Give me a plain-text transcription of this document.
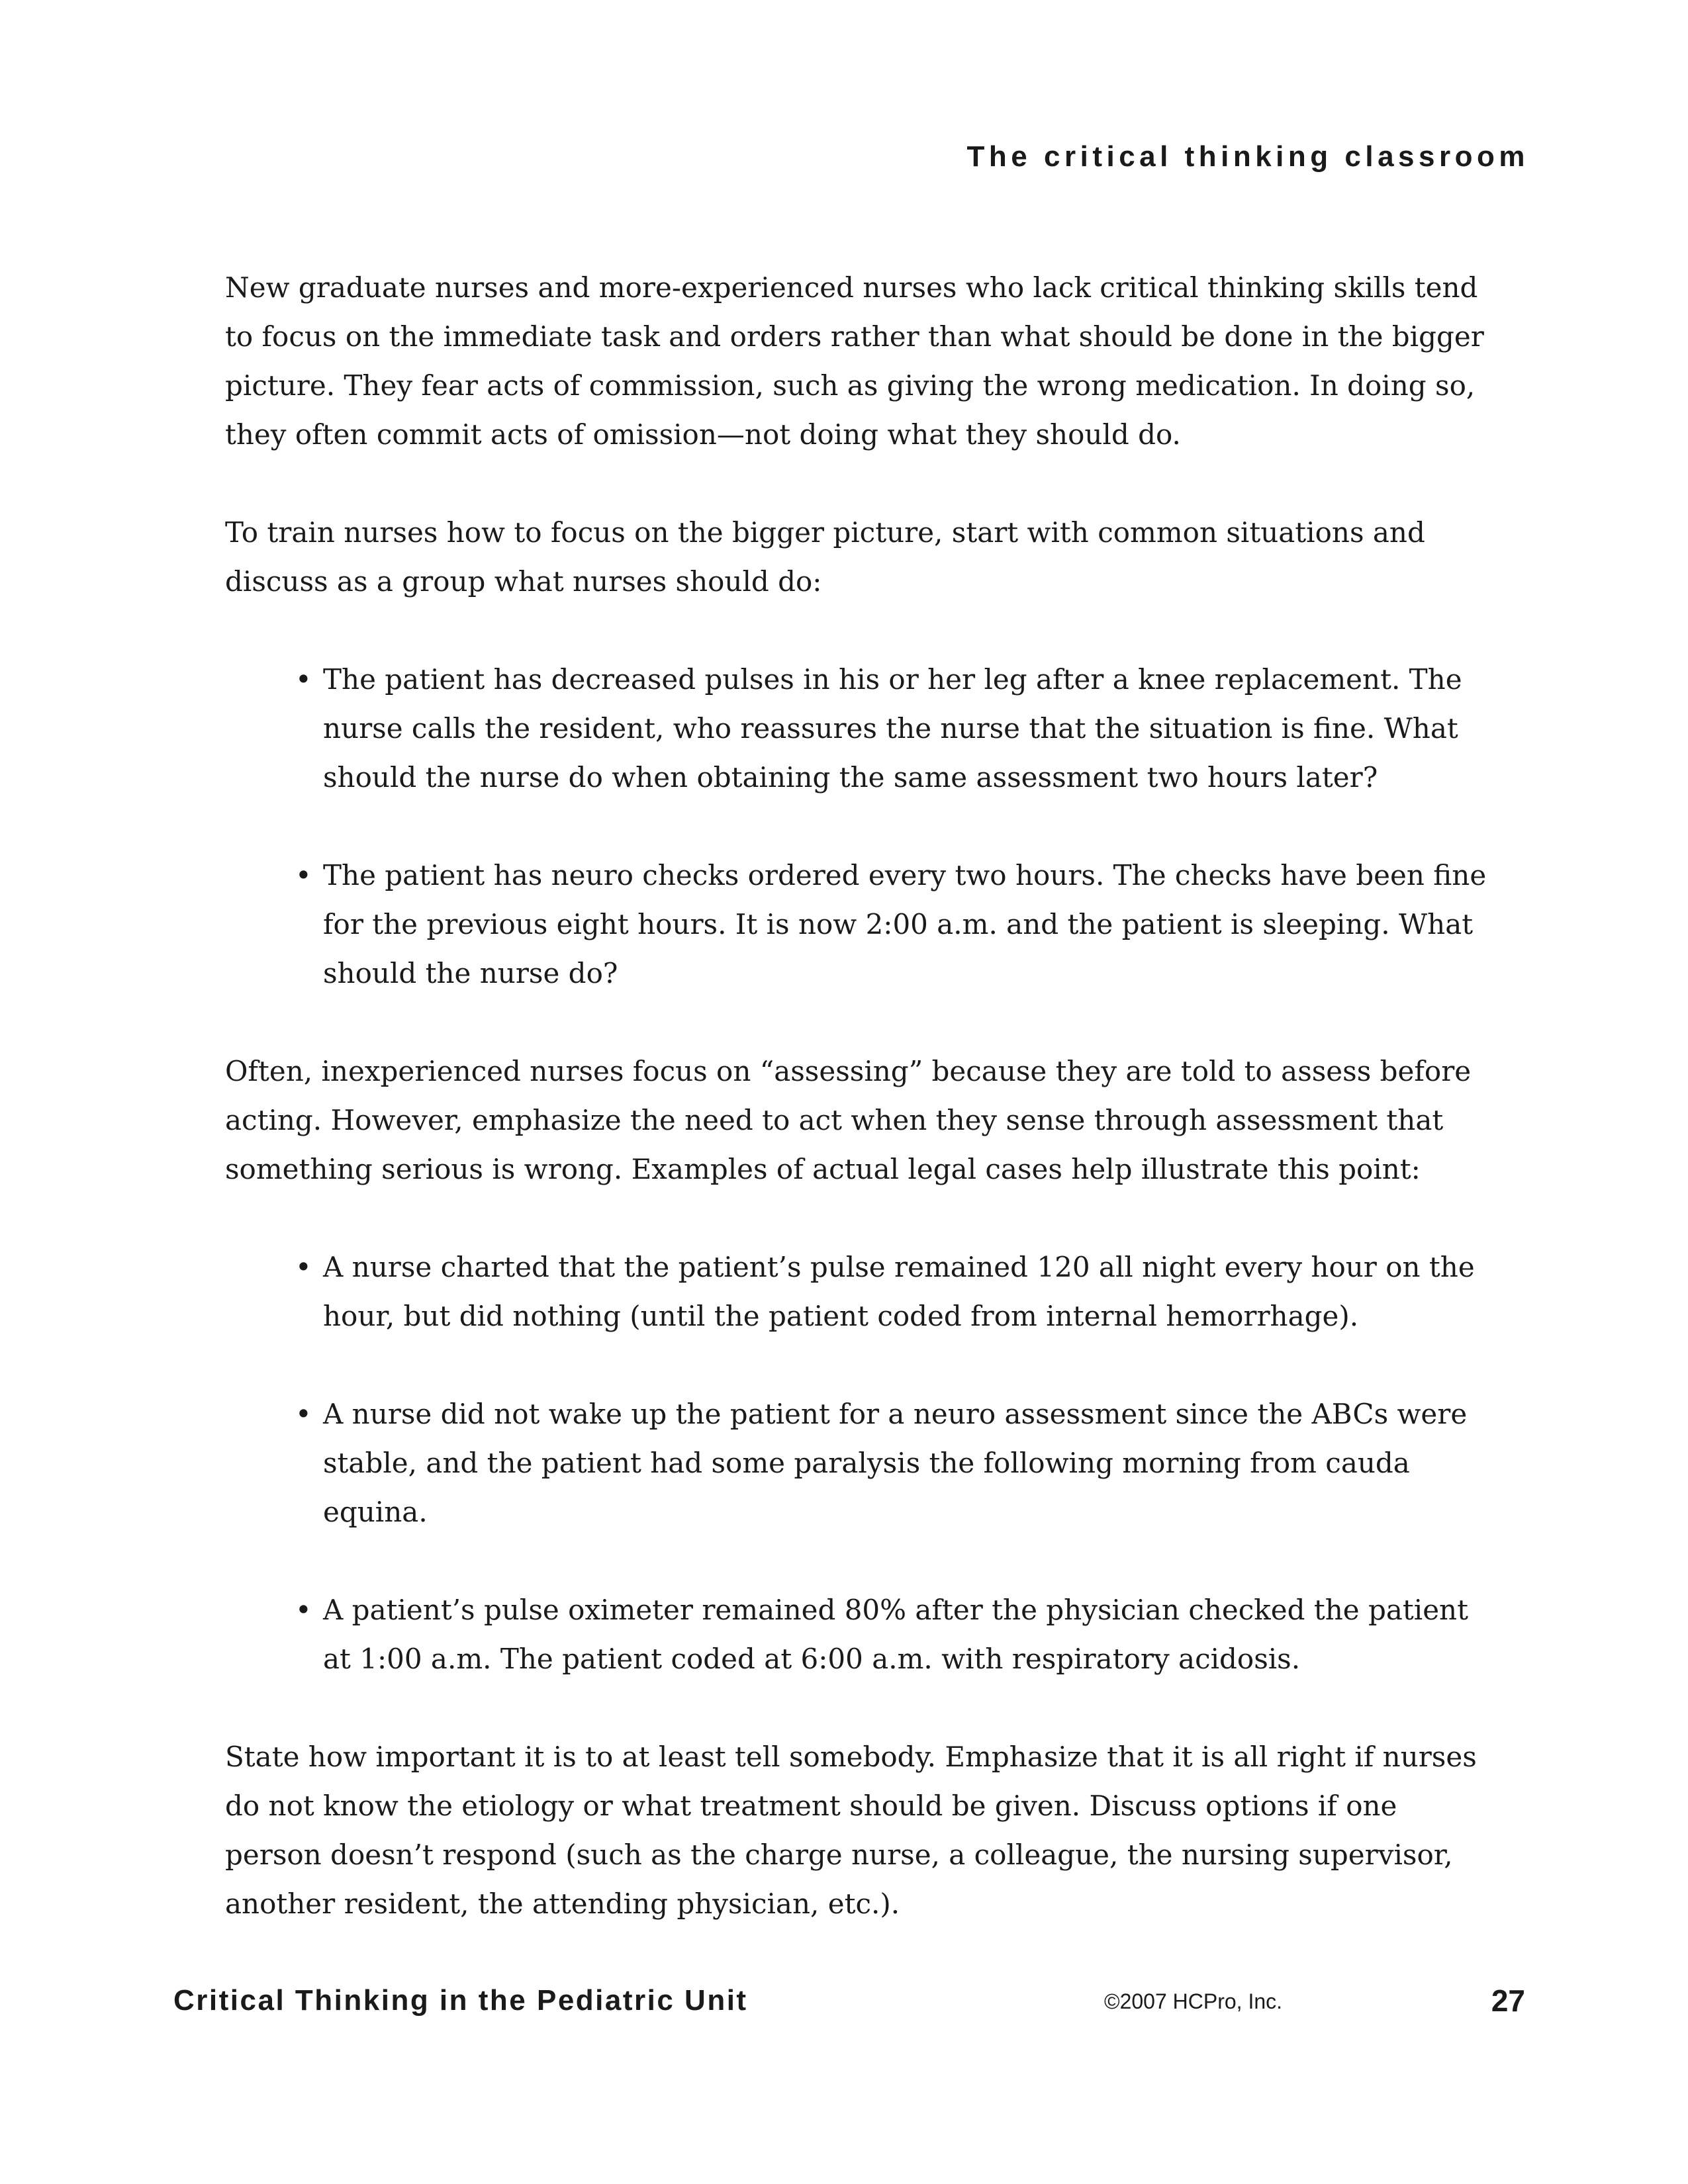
The critical thinking classroom

New graduate nurses and more-experienced nurses who lack critical thinking skills tend to focus on the immediate task and orders rather than what should be done in the bigger picture. They fear acts of commission, such as giving the wrong medication. In doing so, they often commit acts of omission—not doing what they should do.

To train nurses how to focus on the bigger picture, start with common situations and discuss as a group what nurses should do:

• The patient has decreased pulses in his or her leg after a knee replacement. The nurse calls the resident, who reassures the nurse that the situation is fine. What should the nurse do when obtaining the same assessment two hours later?
• The patient has neuro checks ordered every two hours. The checks have been fine for the previous eight hours. It is now 2:00 a.m. and the patient is sleeping. What should the nurse do?

Often, inexperienced nurses focus on “assessing” because they are told to assess before acting. However, emphasize the need to act when they sense through assessment that something serious is wrong. Examples of actual legal cases help illustrate this point:

• A nurse charted that the patient’s pulse remained 120 all night every hour on the hour, but did nothing (until the patient coded from internal hemorrhage).
• A nurse did not wake up the patient for a neuro assessment since the ABCs were stable, and the patient had some paralysis the following morning from cauda equina.
• A patient’s pulse oximeter remained 80% after the physician checked the patient at 1:00 a.m. The patient coded at 6:00 a.m. with respiratory acidosis.

State how important it is to at least tell somebody. Emphasize that it is all right if nurses do not know the etiology or what treatment should be given. Discuss options if one person doesn’t respond (such as the charge nurse, a colleague, the nursing supervisor, another resident, the attending physician, etc.).

Critical Thinking in the Pediatric Unit	©2007 HCPro, Inc.	27
